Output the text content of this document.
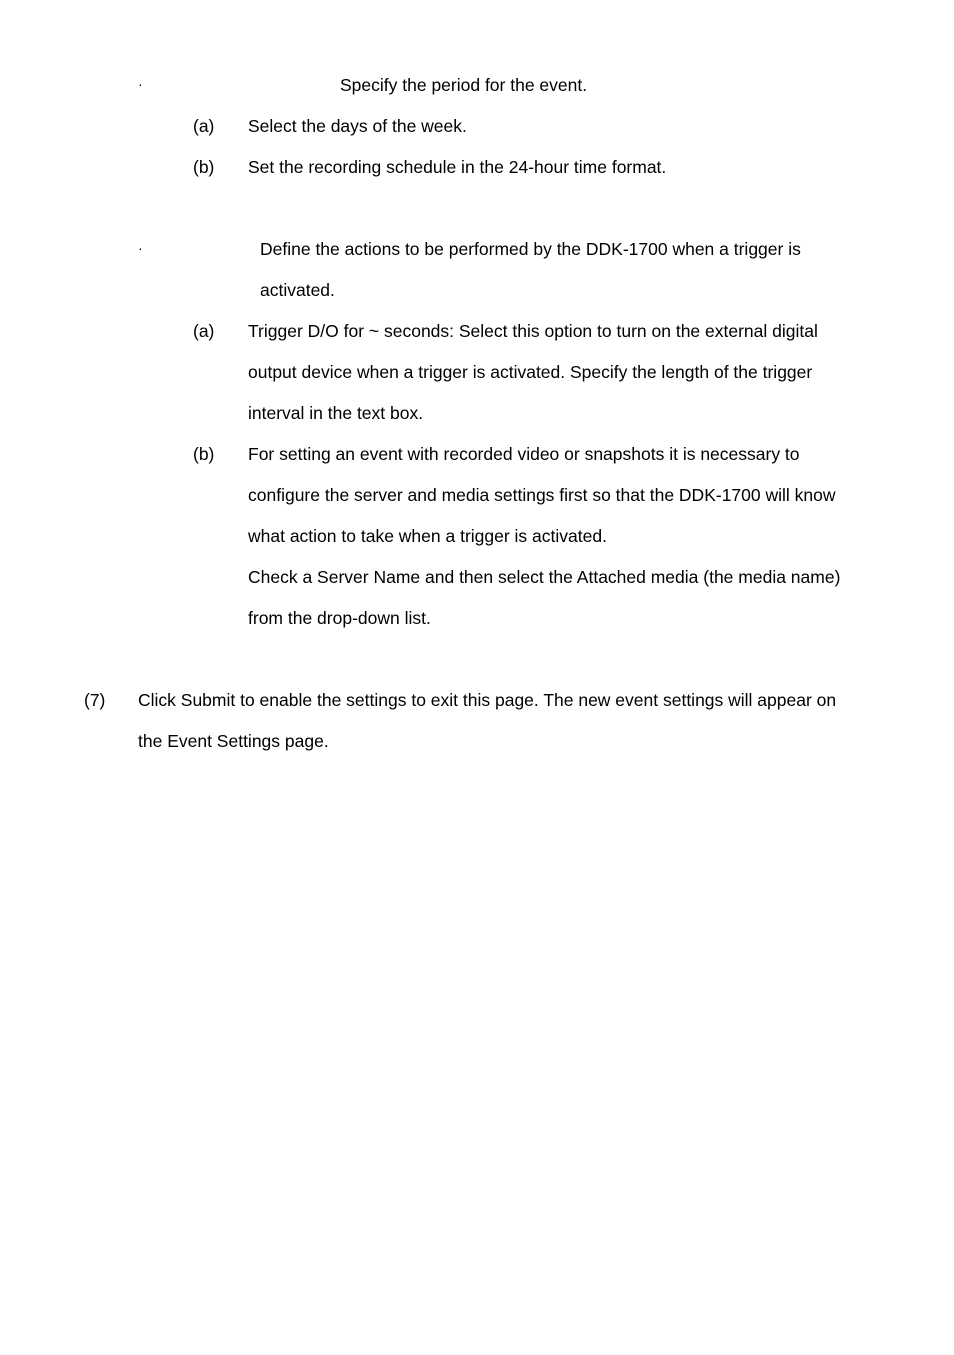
·	Specify the period for the event.
(a) Select the days of the week.
(b) Set the recording schedule in the 24-hour time format.
·	Define the actions to be performed by the DDK-1700 when a trigger is
activated.
(a) Trigger D/O for ~ seconds: Select this option to turn on the external digital
output device when a trigger is activated. Specify the length of the trigger
interval in the text box.
(b) For setting an event with recorded video or snapshots it is necessary to
configure the server and media settings first so that the DDK-1700 will know
what action to take when a trigger is activated.
Check a Server Name and then select the Attached media (the media name)
from the drop-down list.
(7) Click Submit to enable the settings to exit this page. The new event settings will appear on
the Event Settings page.
